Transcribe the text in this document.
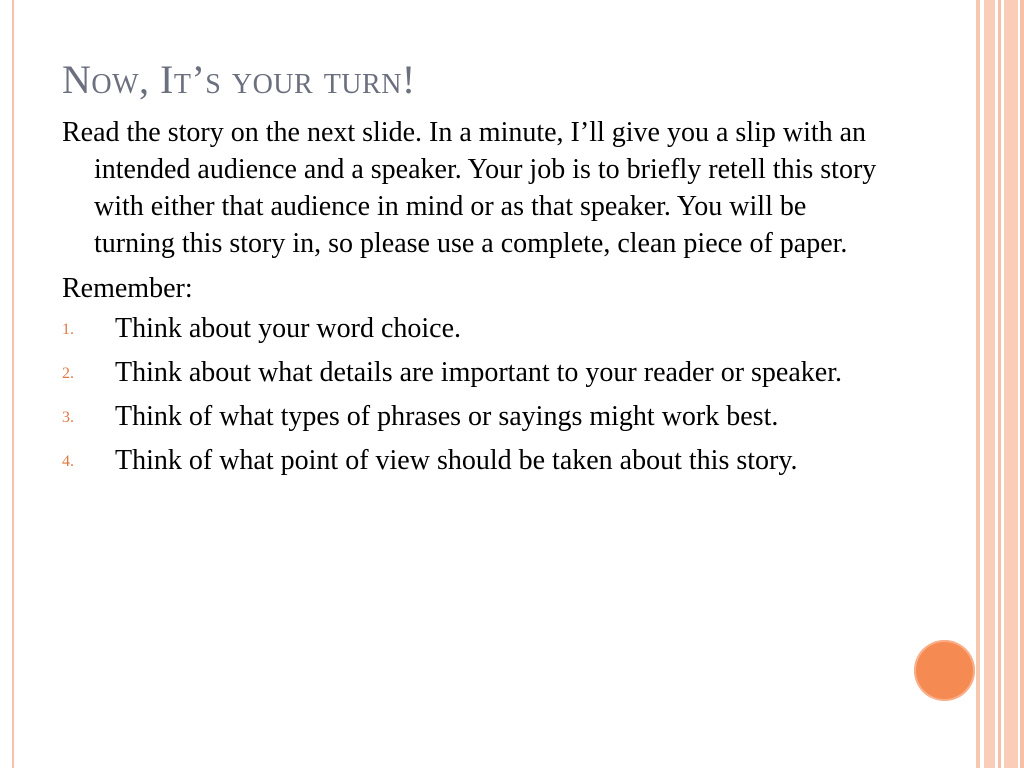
Now, It’s your turn!

Read the story on the next slide. In a minute, I’ll give you a slip with an intended audience and a speaker. Your job is to briefly retell this story with either that audience in mind or as that speaker. You will be turning this story in, so please use a complete, clean piece of paper.

Remember:

1. Think about your word choice.
2. Think about what details are important to your reader or speaker.
3. Think of what types of phrases or sayings might work best.
4. Think of what point of view should be taken about this story.
